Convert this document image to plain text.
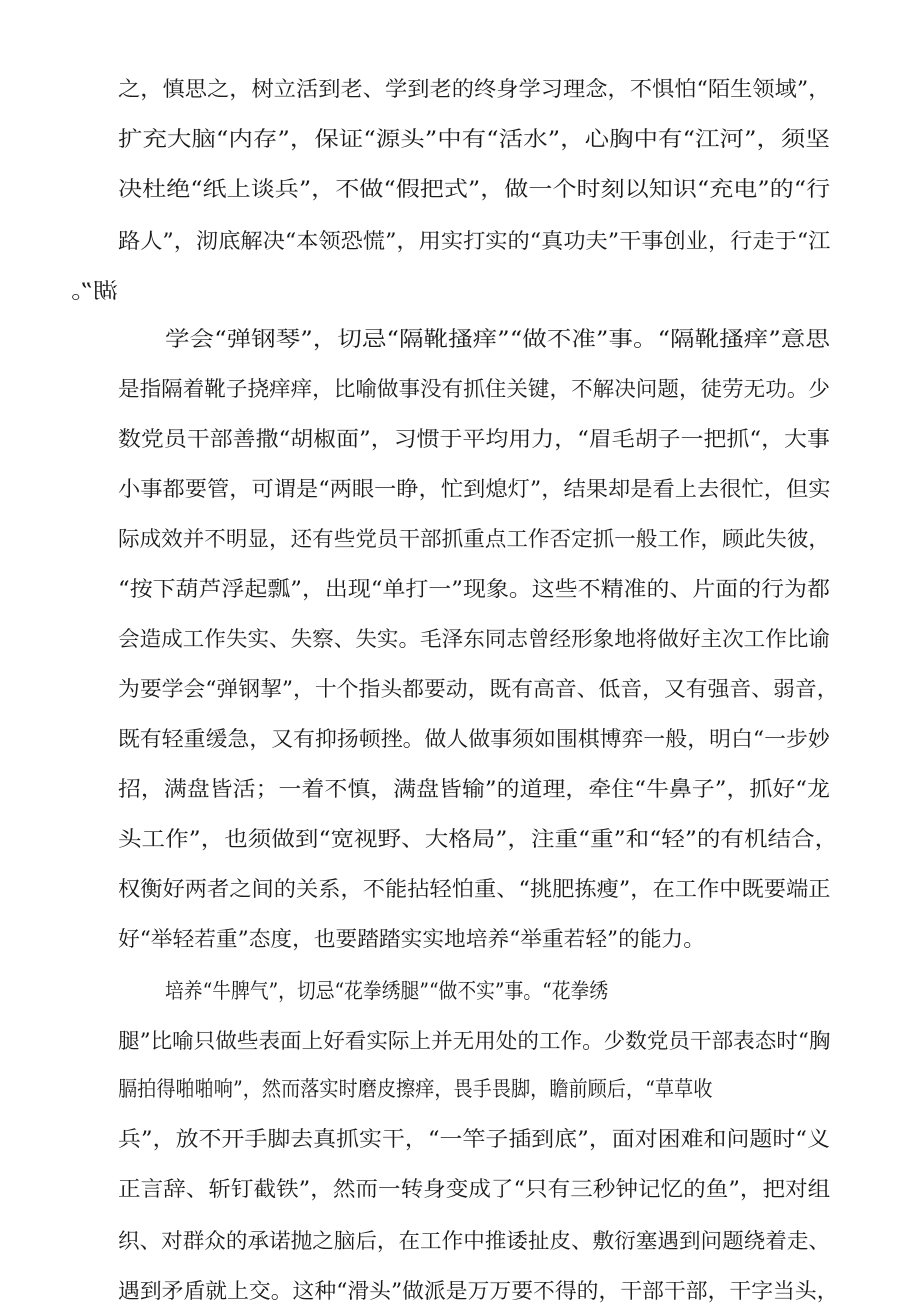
之，慎思之，树立活到老、学到老的终身学习理念，不惧怕“陌生领域”，
扩充大脑“内存”，保证“源头”中有“活水”，心胸中有“江河”，须坚
决杜绝“纸上谈兵”，不做“假把式”，做一个时刻以知识“充电”的“行
路人”，沏底解决“本领恐慌”，用实打实的“真功夫”干事创业，行走于“江
湖”。
学会“弹钢琴”，切忌“隔靴搔痒”“做不准”事。“隔靴搔痒”意思
是指隔着靴子挠痒痒，比喻做事没有抓住关键，不解决问题，徒劳无功。少
数党员干部善撒“胡椒面”，习惯于平均用力，“眉毛胡子一把抓“，大事
小事都要管，可谓是“两眼一睁，忙到熄灯”，结果却是看上去很忙，但实
际成效并不明显，还有些党员干部抓重点工作否定抓一般工作，顾此失彼，
“按下葫芦浮起瓢”，出现“单打一”现象。这些不精准的、片面的行为都
会造成工作失实、失察、失实。毛泽东同志曾经形象地将做好主次工作比谕
为要学会“弹钢挈”，十个指头都要动，既有高音、低音，又有强音、弱音，
既有轻重缓急，又有抑扬顿挫。做人做事须如围棋博弈一般，明白“一步妙
招，满盘皆活；一着不慎，满盘皆输”的道理，牵住“牛鼻子”，抓好“龙
头工作”，也须做到“宽视野、大格局”，注重“重”和“轻”的有机结合，
权衡好两者之间的关系，不能拈轻怕重、“挑肥拣瘦”，在工作中既要端正
好“举轻若重”态度，也要踏踏实实地培养“举重若轻”的能力。
培养“牛脾气”，切忌“花拳绣腿”“做不实”事。“花拳绣
腿”比喻只做些表面上好看实际上并无用处的工作。少数党员干部表态时“胸
膈拍得啪啪响”，然而落实时磨皮擦痒，畏手畏脚，瞻前顾后，“草草收
兵”，放不开手脚去真抓实干，“一竿子插到底”，面对困难和问题时“义
正言辞、斩钉截铁”，然而一转身变成了“只有三秒钟记忆的鱼”，把对组
织、对群众的承诺抛之脑后，在工作中推诿扯皮、敷衍塞遇到问题绕着走、
遇到矛盾就上交。这种“滑头”做派是万万要不得的，干部干部，干字当头，
